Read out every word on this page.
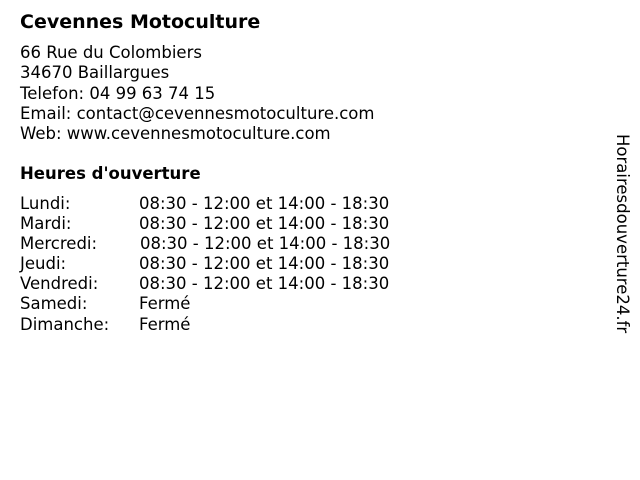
Cevennes Motoculture
66 Rue du Colombiers
34670 Baillargues
Telefon: 04 99 63 74 15
Email: contact@cevennesmotoculture.com
Web: www.cevennesmotoculture.com
Heures d'ouverture
Lundi:	08:30 - 12:00 et 14:00 - 18:30
Mardi:	08:30 - 12:00 et 14:00 - 18:30
Mercredi:	08:30 - 12:00 et 14:00 - 18:30
Jeudi:	08:30 - 12:00 et 14:00 - 18:30
Vendredi: 08:30 - 12:00 et 14:00 - 18:30
Samedi:	Fermé
Dimanche: Fermé	Horairesdouverture24.fr
